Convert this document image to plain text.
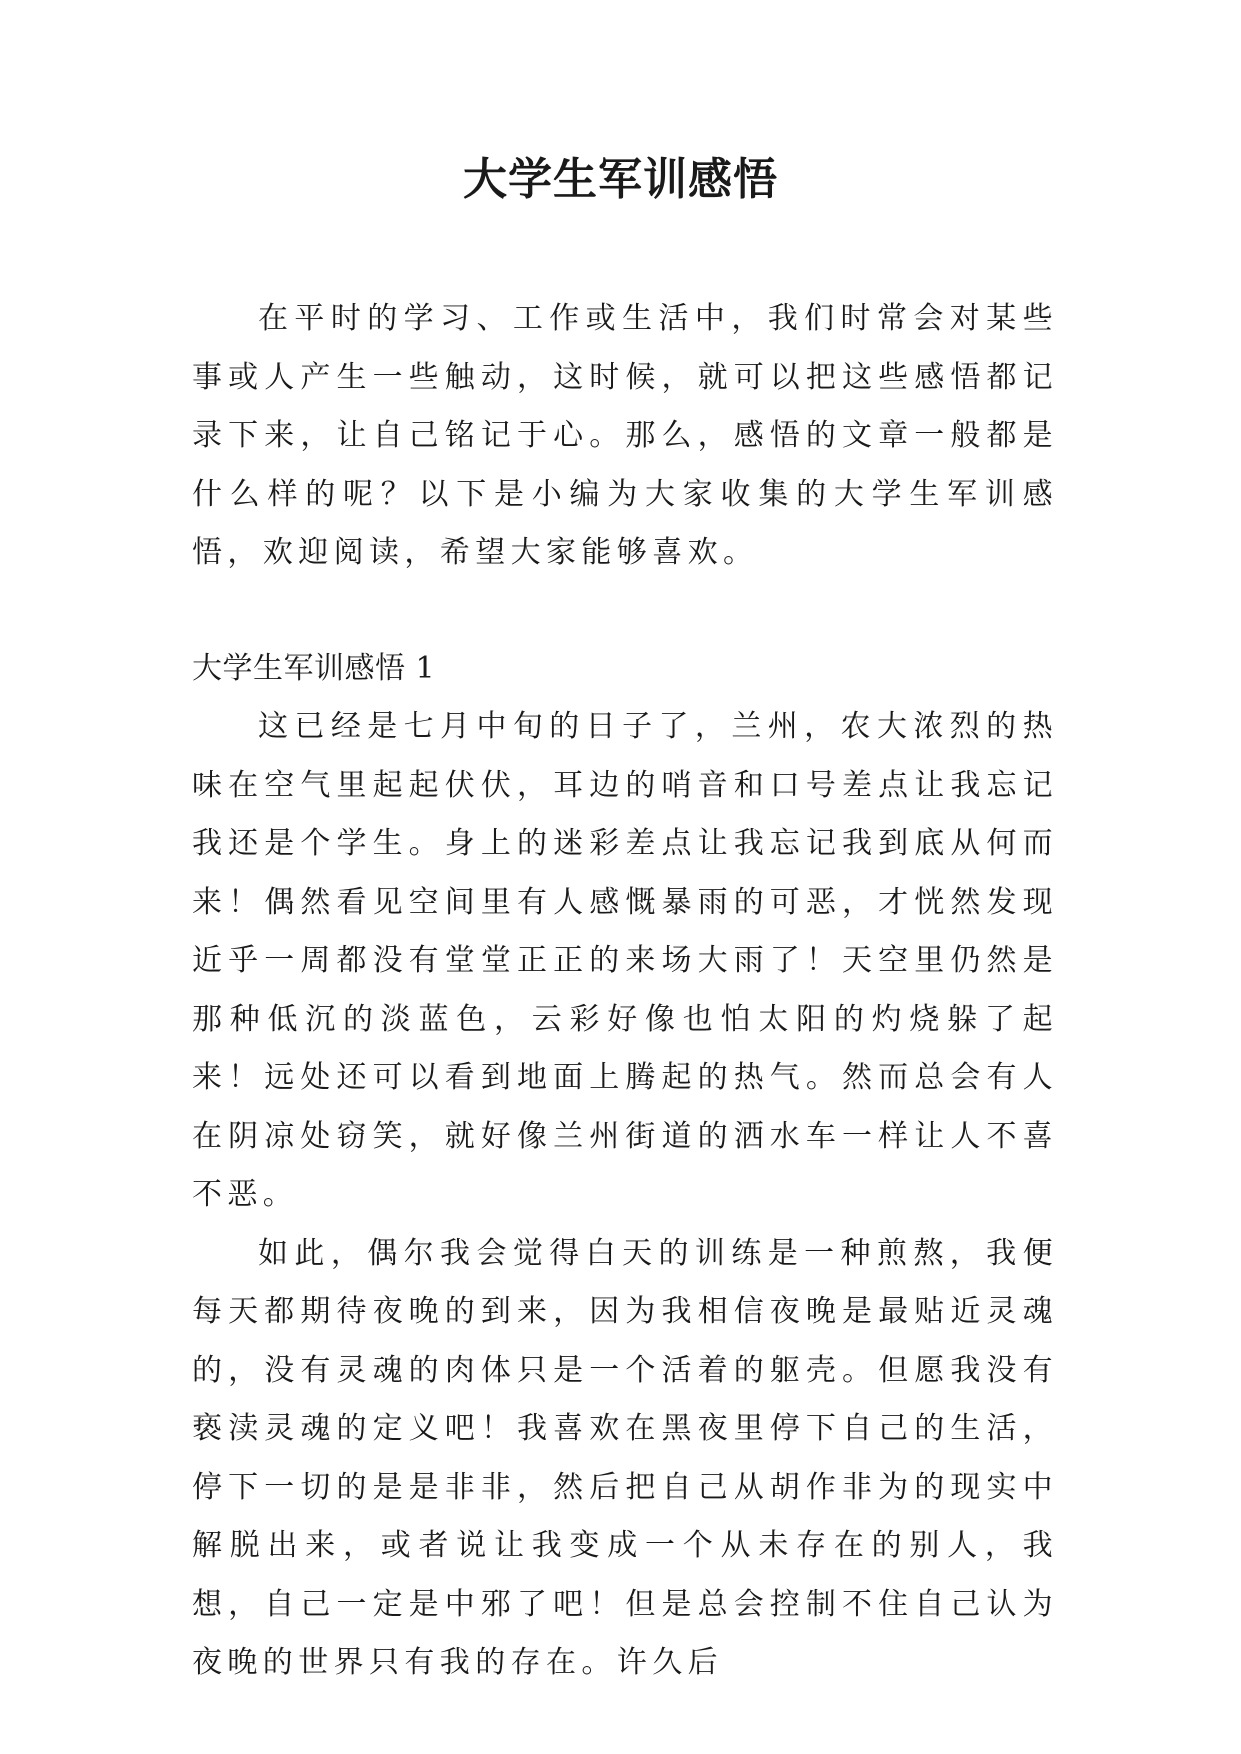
大学生军训感悟

在平时的学习、工作或生活中，我们时常会对某些事或人产生一些触动，这时候，就可以把这些感悟都记录下来，让自己铭记于心。那么，感悟的文章一般都是什么样的呢？以下是小编为大家收集的大学生军训感悟，欢迎阅读，希望大家能够喜欢。

大学生军训感悟 1

这已经是七月中旬的日子了，兰州，农大浓烈的热味在空气里起起伏伏，耳边的哨音和口号差点让我忘记我还是个学生。身上的迷彩差点让我忘记我到底从何而来！偶然看见空间里有人感慨暴雨的可恶，才恍然发现近乎一周都没有堂堂正正的来场大雨了！天空里仍然是那种低沉的淡蓝色，云彩好像也怕太阳的灼烧躲了起来！远处还可以看到地面上腾起的热气。然而总会有人在阴凉处窃笑，就好像兰州街道的洒水车一样让人不喜不恶。

如此，偶尔我会觉得白天的训练是一种煎熬，我便每天都期待夜晚的到来，因为我相信夜晚是最贴近灵魂的，没有灵魂的肉体只是一个活着的躯壳。但愿我没有亵渎灵魂的定义吧！我喜欢在黑夜里停下自己的生活，停下一切的是是非非，然后把自己从胡作非为的现实中解脱出来，或者说让我变成一个从未存在的别人，我想，自己一定是中邪了吧！但是总会控制不住自己认为夜晚的世界只有我的存在。许久后
